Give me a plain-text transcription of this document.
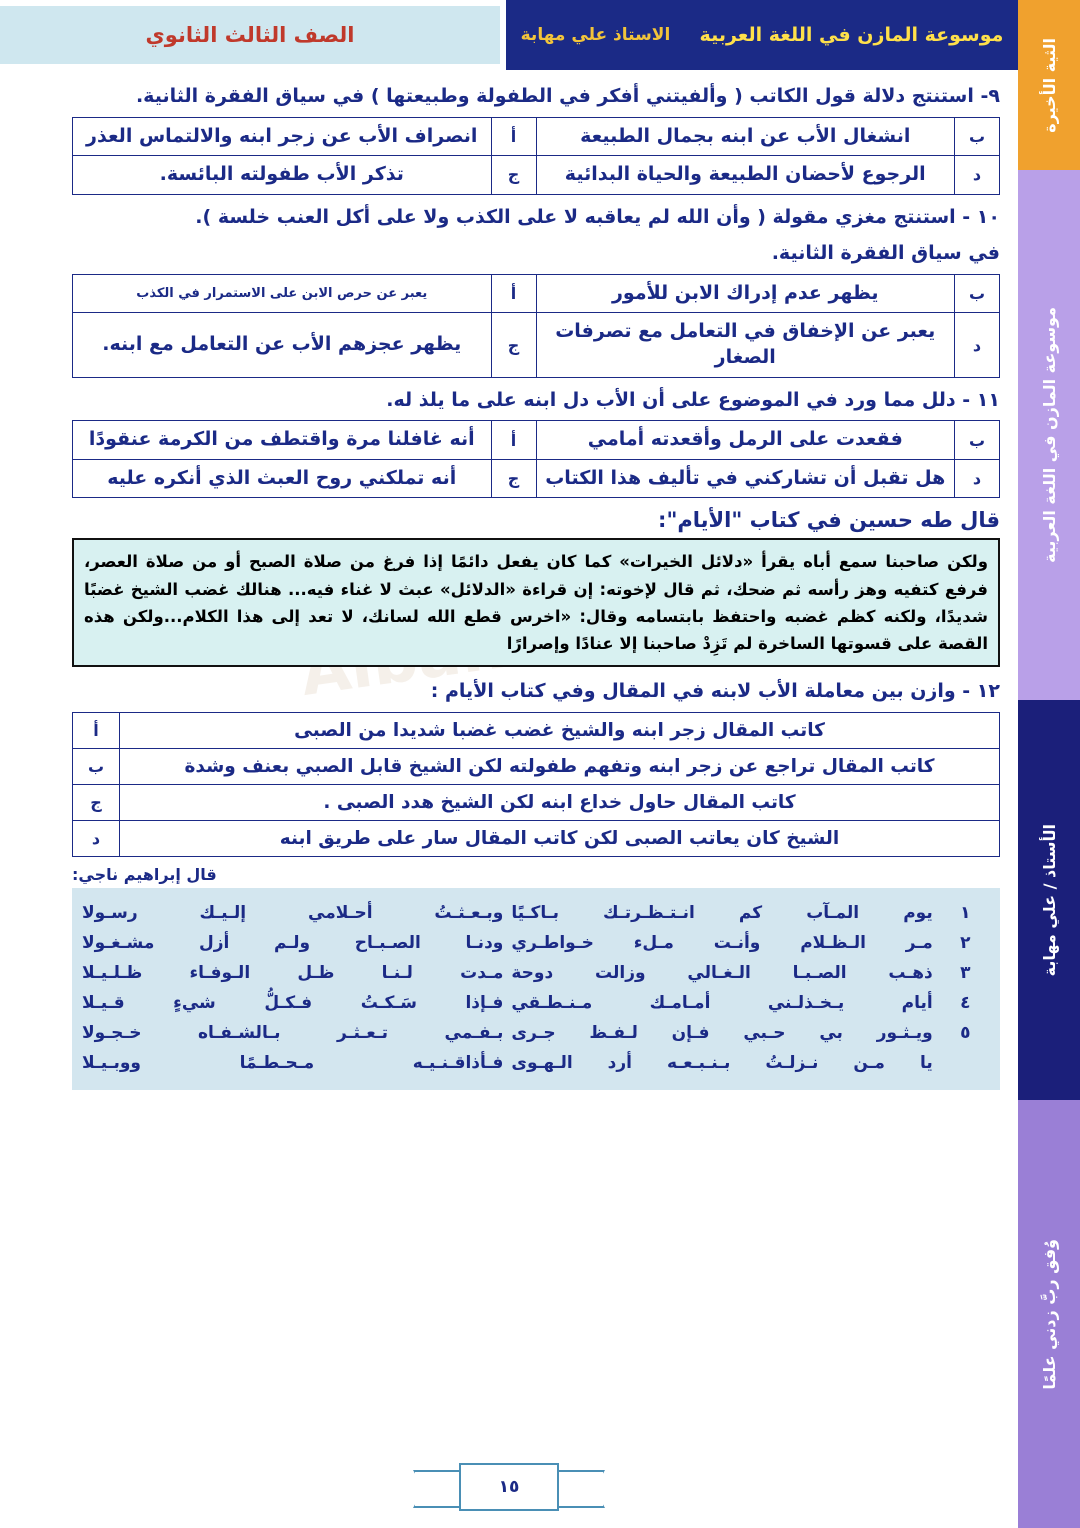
موسوعة المازن في اللغة العربية
الاستاذ علي مهابة
الصف الثالث الثانوي
الثية الأخيرة
موسوعة المازن في اللغة العربية
الأستاذ / علي مهابة
وُفق ربَّ زدني علمًا
٩- استنتج دلالة قول الكاتب ( وألفيتني أفكر في الطفولة وطبيعتها ) في سياق الفقرة الثانية.
ب	انشغال الأب عن ابنه بجمال الطبيعة	أ	انصراف الأب عن زجر ابنه والالتماس العذر
د	الرجوع لأحضان الطبيعة والحياة البدائية	ج	تذكر الأب طفولته البائسة.
١٠ - استنتج مغزي مقولة ( وأن الله لم يعاقبه لا على الكذب ولا على أكل العنب خلسة ).
في سياق الفقرة الثانية.
ب	يظهر عدم إدراك الابن للأمور	أ	يعبر عن حرص الابن على الاستمرار في الكذب
د	يعبر عن الإخفاق في التعامل مع تصرفات الصغار	ج	يظهر عجزهم الأب عن التعامل مع ابنه.
١١ - دلل مما ورد في الموضوع على أن الأب دل ابنه على ما يلذ له.
ب	فقعدت على الرمل وأقعدته أمامي	أ	أنه غافلنا مرة واقتطف من الكرمة عنقودًا
د	هل تقبل أن تشاركني في تأليف هذا الكتاب	ج	أنه تملكني روح العبث الذي أنكره عليه
قال طه حسين في كتاب "الأيام":
ولكن صاحبنا سمع أباه يقرأ «دلائل الخيرات» كما كان يفعل دائمًا إذا فرغ من صلاة الصبح أو من صلاة العصر، فرفع كتفيه وهز رأسه ثم ضحك، ثم قال لإخوته: إن قراءة «الدلائل» عبث لا غناء فيه... هنالك غضب الشيخ غضبًا شديدًا، ولكنه كظم غضبه واحتفظ بابتسامه وقال: «اخرس قطع الله لسانك، لا تعد إلى هذا الكلام...ولكن هذه القصة على قسوتها الساخرة لم تَزِدْ صاحبنا إلا عنادًا وإصرارًا
١٢ - وازن بين معاملة الأب لابنه في المقال وفي كتاب الأيام :
كاتب المقال زجر ابنه والشيخ غضب غضبا شديدا من الصبى	أ
كاتب المقال تراجع عن زجر ابنه وتفهم طفولته لكن الشيخ قابل الصبي بعنف وشدة	ب
كاتب المقال حاول خداع ابنه لكن الشيخ هدد الصبى .	ج
الشيخ كان يعاتب الصبى لكن كاتب المقال سار على طريق ابنه	د
قال إبراهيم ناجي:
١	يوم المـآب كم انـتـظـرتـك بـاكـيًا	وبـعـثـتُ أحـلامي إلـيـك رسـولا
٢	مـر الـظـلام وأنـت مـلء خـواطـري	ودنـا الصـبـاح ولـم أزل مشـغـولا
٣	ذهـب الصـبـا الـغـالي وزالت دوحة	مـدت لـنـا ظـل الـوفـاء ظـلـيـلا
٤	أيام يـخـذلـني أمـامـك مـنـطـقي	فـإذا سَـكـتُ فـكـلُّ شيءٍ قـيـلا
٥	ويـثـور بي حـبي فـإن لـفـظ جـرى	بـفـمي تـعـثـر بـالشـفـاه خـجـولا
	يا مـن نـزلـتُ بـنـبـعـه أرد الـهـوى	فـأذاقـنـيـه مـحـطـمًا ووبـيـلا
١٥
